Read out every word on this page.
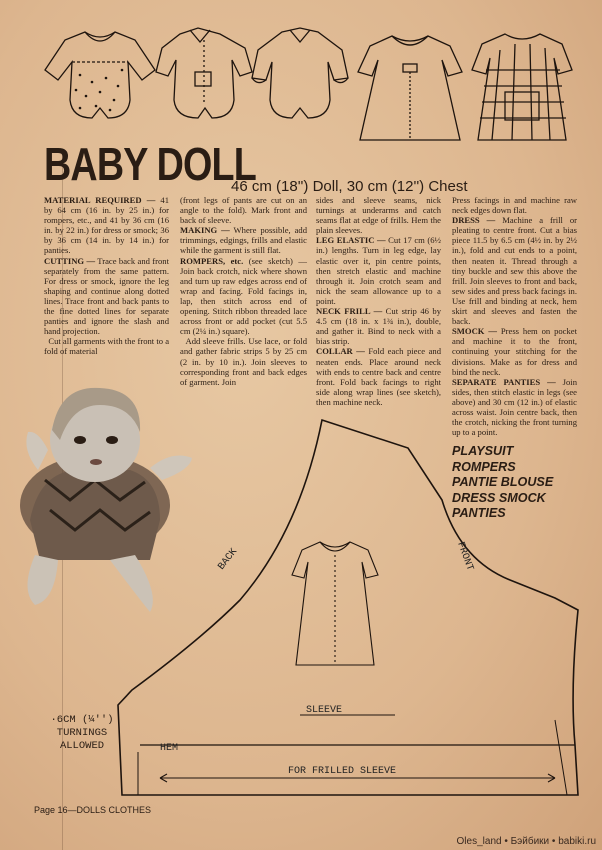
BABY DOLL
46 cm (18'') Doll, 30 cm (12'') Chest

MATERIAL REQUIRED — 41 by 64 cm (16 in. by 25 in.) for rompers, etc., and 41 by 36 cm (16 in. by 22 in.) for dress or smock; 36 by 36 cm (14 in. by 14 in.) for panties.

CUTTING — Trace back and front separately from the same pattern. For dress or smock, ignore the leg shaping and continue along dotted lines. Trace front and back pants to the fine dotted lines for separate panties and ignore the slash and hand projection.

Cut all garments with the front to a fold of material

(front legs of pants are cut on an angle to the fold). Mark front and back of sleeve.

MAKING — Where possible, add trimmings, edgings, frills and elastic while the garment is still flat.

ROMPERS, etc. (see sketch) — Join back crotch, nick where shown and turn up raw edges across end of wrap and facing. Fold facings in, lap, then stitch across end of opening. Stitch ribbon threaded lace across front or add pocket (cut 5.5 cm (2¼ in.) square).

Add sleeve frills. Use lace, or fold and gather fabric strips 5 by 25 cm (2 in. by 10 in.). Join sleeves to corresponding front and back edges of garment. Join

sides and sleeve seams, nick turnings at underarms and catch seams flat at edge of frills. Hem the plain sleeves.

LEG ELASTIC — Cut 17 cm (6½ in.) lengths. Turn in leg edge, lay elastic over it, pin centre points, then stretch elastic and machine through it. Join crotch seam and nick the seam allowance up to a point.

NECK FRILL — Cut strip 46 by 4.5 cm (18 in. x 1¾ in.), double, and gather it. Bind to neck with a bias strip.

COLLAR — Fold each piece and neaten ends. Place around neck with ends to centre back and centre front. Fold back facings to right side along wrap lines (see sketch), then machine neck.

Press facings in and machine raw neck edges down flat.

DRESS — Machine a frill or pleating to centre front. Cut a bias piece 11.5 by 6.5 cm (4½ in. by 2½ in.), fold and cut ends to a point, then neaten it. Thread through a tiny buckle and sew this above the frill. Join sleeves to front and back, sew sides and press back facings in. Use frill and binding at neck, hem skirt and sleeves and fasten the back.

SMOCK — Press hem on pocket and machine it to the front, continuing your stitching for the divisions. Make as for dress and bind the neck.

SEPARATE PANTIES — Join sides, then stitch elastic in legs (see above) and 30 cm (12 in.) of elastic across waist. Join centre back, then the crotch, nicking the front turning up to a point.

PLAYSUIT
ROMPERS
PANTIE BLOUSE
DRESS SMOCK
PANTIES
BACK	FRONT
SLEEVE
HEM
FOR FRILLED SLEEVE
·6CM (¼'')
TURNINGS
ALLOWED
Page 16—DOLLS CLOTHES
Oles_land • Бэйбики • babiki.ru
